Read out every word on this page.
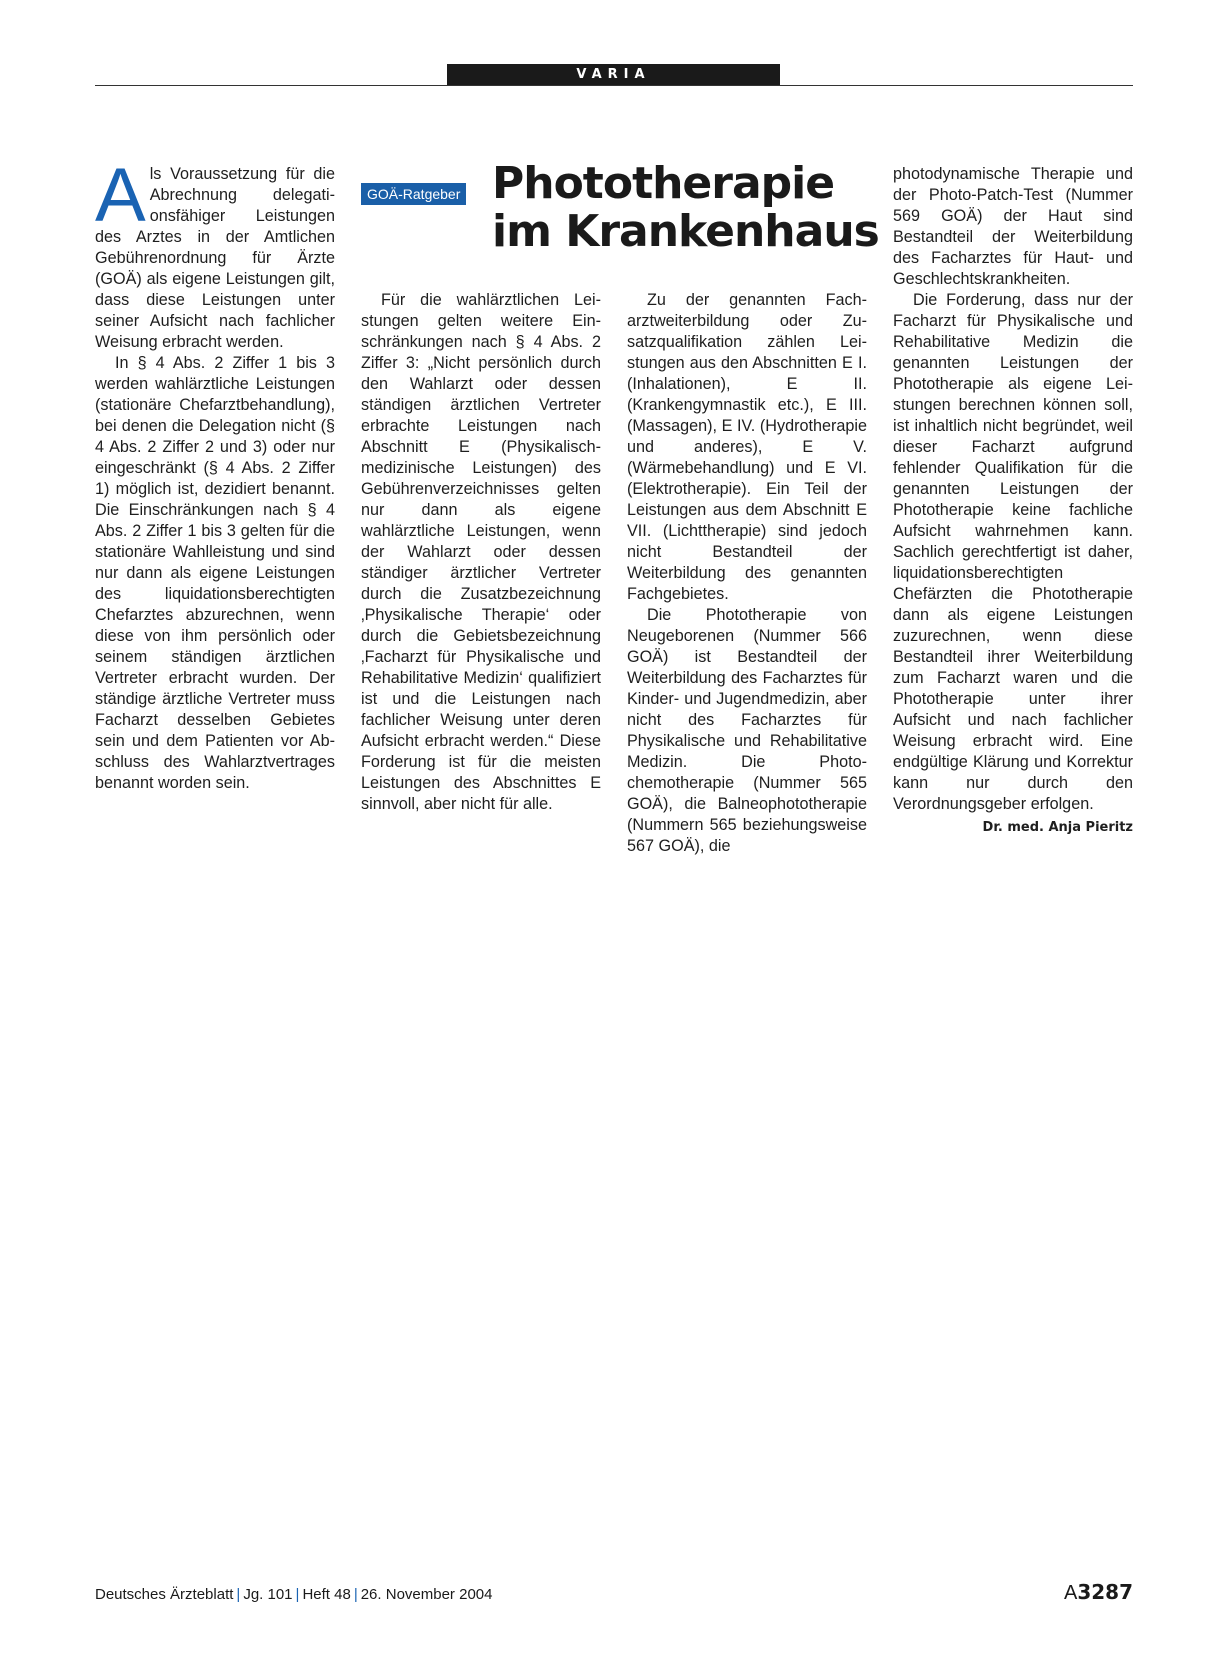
VARIA

Als Voraussetzung für die Abrechnung delegationsfähiger Leistungen des Arztes in der Amtlichen Gebührenordnung für Ärzte (GOÄ) als eigene Leistungen gilt, dass diese Leistungen unter seiner Aufsicht nach fachlicher Weisung erbracht werden.

In § 4 Abs. 2 Ziffer 1 bis 3 werden wahlärztliche Leistungen (stationäre Chefarztbehandlung), bei denen die Delegation nicht (§ 4 Abs. 2 Ziffer 2 und 3) oder nur eingeschränkt (§ 4 Abs. 2 Ziffer 1) möglich ist, dezidiert benannt. Die Einschränkungen nach § 4 Abs. 2 Ziffer 1 bis 3 gelten für die stationäre Wahlleistung und sind nur dann als eigene Leistungen des liquidationsberechtigten Chefarztes abzurechnen, wenn diese von ihm persönlich oder seinem ständigen ärztlichen Vertreter erbracht wurden. Der ständige ärztliche Vertreter muss Facharzt desselben Gebietes sein und dem Patienten vor Abschluss des Wahlarztvertrages benannt worden sein.

GOÄ-Ratgeber Phototherapie
im Krankenhaus

Für die wahlärztlichen Leistungen gelten weitere Einschränkungen nach § 4 Abs. 2 Ziffer 3: „Nicht persönlich durch den Wahlarzt oder dessen ständigen ärztlichen Vertreter erbrachte Leistungen nach Abschnitt E (Physikalisch-medizinische Leistungen) des Gebührenverzeichnisses gelten nur dann als eigene wahlärztliche Leistungen, wenn der Wahlarzt oder dessen ständiger ärztlicher Vertreter durch die Zusatzbezeichnung ‚Physikalische Therapie‘ oder durch die Gebietsbezeichnung ‚Facharzt für Physikalische und Rehabilitative Medizin‘ qualifiziert ist und die Leistungen nach fachlicher Weisung unter deren Aufsicht erbracht werden.“ Diese Forderung ist für die meisten Leistungen des Abschnittes E sinnvoll, aber nicht für alle.

Zu der genannten Facharztweiterbildung oder Zusatzqualifikation zählen Leistungen aus den Abschnitten E I. (Inhalationen), E II. (Krankengymnastik etc.), E III. (Massagen), E IV. (Hydrotherapie und anderes), E V. (Wärmebehandlung) und E VI. (Elektrotherapie). Ein Teil der Leistungen aus dem Abschnitt E VII. (Lichttherapie) sind jedoch nicht Bestandteil der Weiterbildung des genannten Fachgebietes.

Die Phototherapie von Neugeborenen (Nummer 566 GOÄ) ist Bestandteil der Weiterbildung des Facharztes für Kinder- und Jugendmedizin, aber nicht des Facharztes für Physikalische und Rehabilitative Medizin. Die Photochemotherapie (Nummer 565 GOÄ), die Balneophototherapie (Nummern 565 beziehungsweise 567 GOÄ), die

photodynamische Therapie und der Photo-Patch-Test (Nummer 569 GOÄ) der Haut sind Bestandteil der Weiterbildung des Facharztes für Haut- und Geschlechtskrankheiten.

Die Forderung, dass nur der Facharzt für Physikalische und Rehabilitative Medizin die genannten Leistungen der Phototherapie als eigene Leistungen berechnen können soll, ist inhaltlich nicht begründet, weil dieser Facharzt aufgrund fehlender Qualifikation für die genannten Leistungen der Phototherapie keine fachliche Aufsicht wahrnehmen kann. Sachlich gerechtfertigt ist daher, liquidationsberechtigten Chefärzten die Phototherapie dann als eigene Leistungen zuzurechnen, wenn diese Bestandteil ihrer Weiterbildung zum Facharzt waren und die Phototherapie unter ihrer Aufsicht und nach fachlicher Weisung erbracht wird. Eine endgültige Klärung und Korrektur kann nur durch den Verordnungsgeber erfolgen.
Dr. med. Anja Pieritz

Deutsches Ärzteblatt | Jg. 101 | Heft 48 | 26. November 2004	A3287
